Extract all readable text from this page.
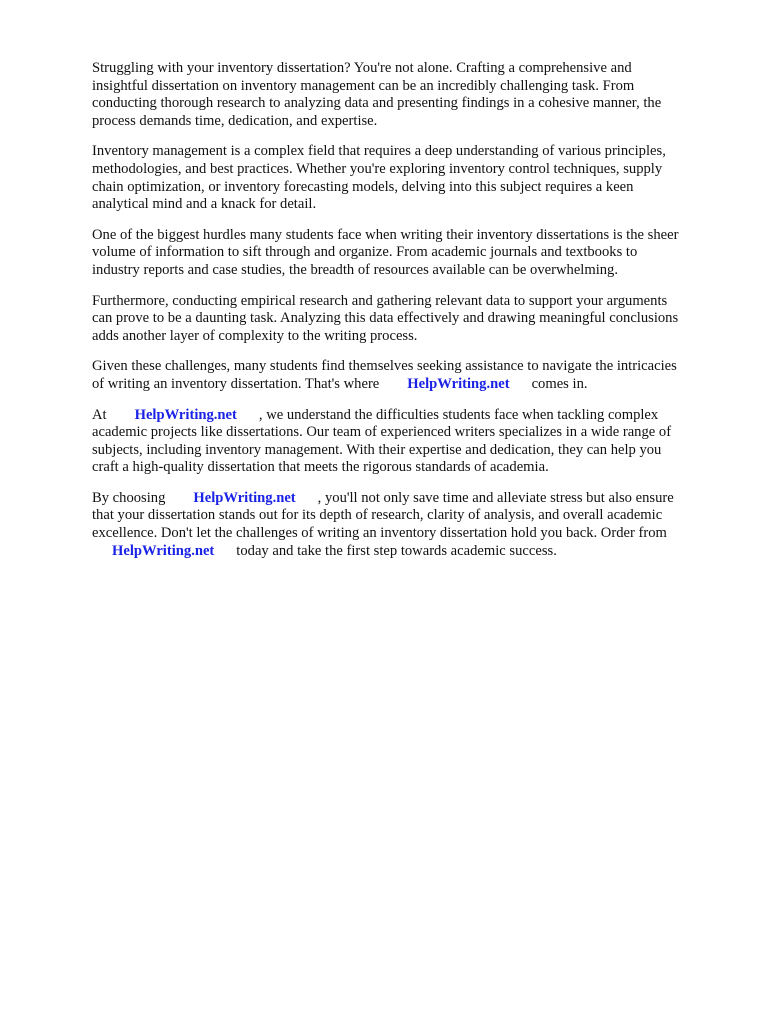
Struggling with your inventory dissertation? You're not alone. Crafting a comprehensive and
insightful dissertation on inventory management can be an incredibly challenging task. From
conducting thorough research to analyzing data and presenting findings in a cohesive manner, the
process demands time, dedication, and expertise.

Inventory management is a complex field that requires a deep understanding of various principles,
methodologies, and best practices. Whether you're exploring inventory control techniques, supply
chain optimization, or inventory forecasting models, delving into this subject requires a keen
analytical mind and a knack for detail.

One of the biggest hurdles many students face when writing their inventory dissertations is the sheer
volume of information to sift through and organize. From academic journals and textbooks to
industry reports and case studies, the breadth of resources available can be overwhelming.

Furthermore, conducting empirical research and gathering relevant data to support your arguments
can prove to be a daunting task. Analyzing this data effectively and drawing meaningful conclusions
adds another layer of complexity to the writing process.

Given these challenges, many students find themselves seeking assistance to navigate the intricacies
of writing an inventory dissertation. That's where HelpWriting.net comes in.

At HelpWriting.net , we understand the difficulties students face when tackling complex
academic projects like dissertations. Our team of experienced writers specializes in a wide range of
subjects, including inventory management. With their expertise and dedication, they can help you
craft a high-quality dissertation that meets the rigorous standards of academia.

By choosing HelpWriting.net , you'll not only save time and alleviate stress but also ensure
that your dissertation stands out for its depth of research, clarity of analysis, and overall academic
excellence. Don't let the challenges of writing an inventory dissertation hold you back. Order from
HelpWriting.net today and take the first step towards academic success.
